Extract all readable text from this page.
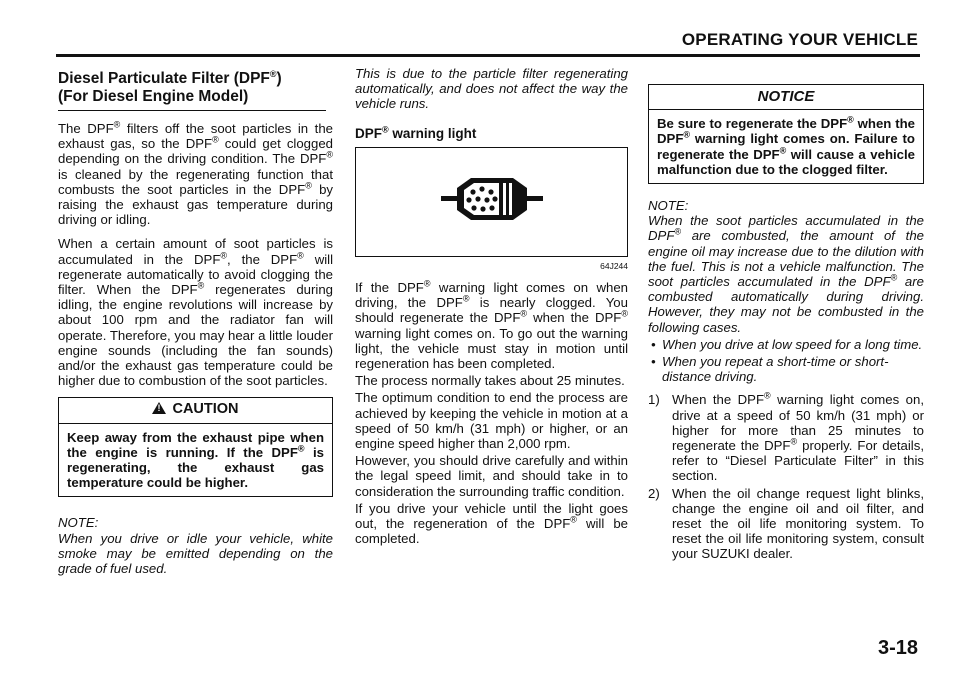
OPERATING YOUR VEHICLE
Diesel Particulate Filter (DPF®)
(For Diesel Engine Model)

The DPF® filters off the soot particles in the exhaust gas, so the DPF® could get clogged depending on the driving condition. The DPF® is cleaned by the regenerating function that combusts the soot particles in the DPF® by raising the exhaust gas temperature during driving or idling.

When a certain amount of soot particles is accumulated in the DPF®, the DPF® will regenerate automatically to avoid clogging the filter. When the DPF® regenerates during idling, the engine revolutions will increase by about 100 rpm and the radiator fan will operate. Therefore, you may hear a little louder engine sounds (including the fan sounds) and/or the exhaust gas temperature could be higher due to combustion of the soot particles.

!CAUTION
Keep away from the exhaust pipe when the engine is running. If the DPF® is regenerating, the exhaust gas temperature could be higher.

NOTE:

When you drive or idle your vehicle, white smoke may be emitted depending on the grade of fuel used.

This is due to the particle filter regenerating automatically, and does not affect the way the vehicle runs.

DPF® warning light
64J244

If the DPF® warning light comes on when driving, the DPF® is nearly clogged. You should regenerate the DPF® when the DPF® warning light comes on. To go out the warning light, the vehicle must stay in motion until regeneration has been completed.

The process normally takes about 25 minutes.

The optimum condition to end the process are achieved by keeping the vehicle in motion at a speed of 50 km/h (31 mph) or higher, or an engine speed higher than 2,000 rpm.

However, you should drive carefully and within the legal speed limit, and should take in to consideration the surrounding traffic condition.

If you drive your vehicle until the light goes out, the regeneration of the DPF® will be completed.

NOTICE
Be sure to regenerate the DPF® when the DPF® warning light comes on. Failure to regenerate the DPF® will cause a vehicle malfunction due to the clogged filter.

NOTE:

When the soot particles accumulated in the DPF® are combusted, the amount of the engine oil may increase due to the dilution with the fuel. This is not a vehicle malfunction. The soot particles accumulated in the DPF® are combusted automatically during driving. However, they may not be combusted in the following cases.

• When you drive at low speed for a long time.
• When you repeat a short-time or short-distance driving.
1) When the DPF® warning light comes on, drive at a speed of 50 km/h (31 mph) or higher for more than 25 minutes to regenerate the DPF® properly. For details, refer to “Diesel Particulate Filter” in this section.
2) When the oil change request light blinks, change the engine oil and oil filter, and reset the oil life monitoring system. To reset the oil life monitoring system, consult your SUZUKI dealer.
3-18
